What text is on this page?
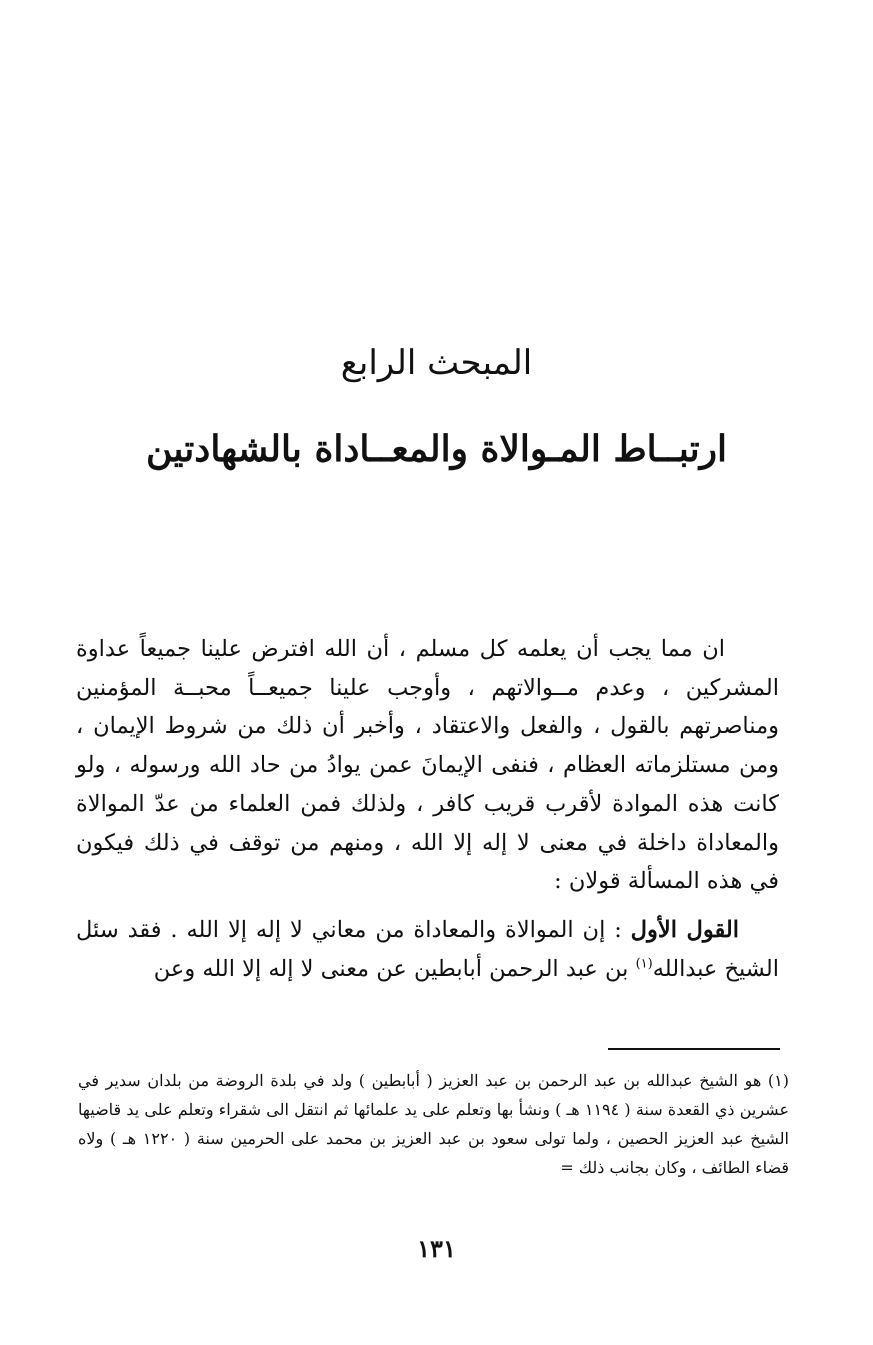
المبحث الرابع
ارتبــاط المـوالاة والمعــاداة بالشهادتين

ان مما يجب أن يعلمه كل مسلم ، أن الله افترض علينا جميعاً عداوة المشركين ، وعدم مــوالاتهم ، وأوجب علينا جميعــاً محبــة المؤمنين ومناصرتهم بالقول ، والفعل والاعتقاد ، وأخبر أن ذلك من شروط الإيمان ، ومن مستلزماته العظام ، فنفى الإيمانَ عمن يوادُ من حاد الله ورسوله ، ولو كانت هذه الموادة لأقرب قريب كافر ، ولذلك فمن العلماء من عدّ الموالاة والمعاداة داخلة في معنى لا إله إلا الله ، ومنهم من توقف في ذلك فيكون في هذه المسألة قولان :

القول الأول : إن الموالاة والمعاداة من معاني لا إله إلا الله . فقد سئل الشيخ عبدالله$^{(١)}$ بن عبد الرحمن أبابطين عن معنى لا إله إلا الله وعن

(١) هو الشيخ عبدالله بن عبد الرحمن بن عبد العزيز ( أبابطين ) ولد في بلدة الروضة من بلدان سدير في عشرين ذي القعدة سنة ( ١١٩٤ هـ ) ونشأ بها وتعلم على يد علمائها ثم انتقل الى شقراء وتعلم على يد قاضيها الشيخ عبد العزيز الحصين ، ولما تولى سعود بن عبد العزيز بن محمد على الحرمين سنة ( ١٢٢٠ هـ ) ولاه قضاء الطائف ، وكان بجانب ذلك =

١٣١
